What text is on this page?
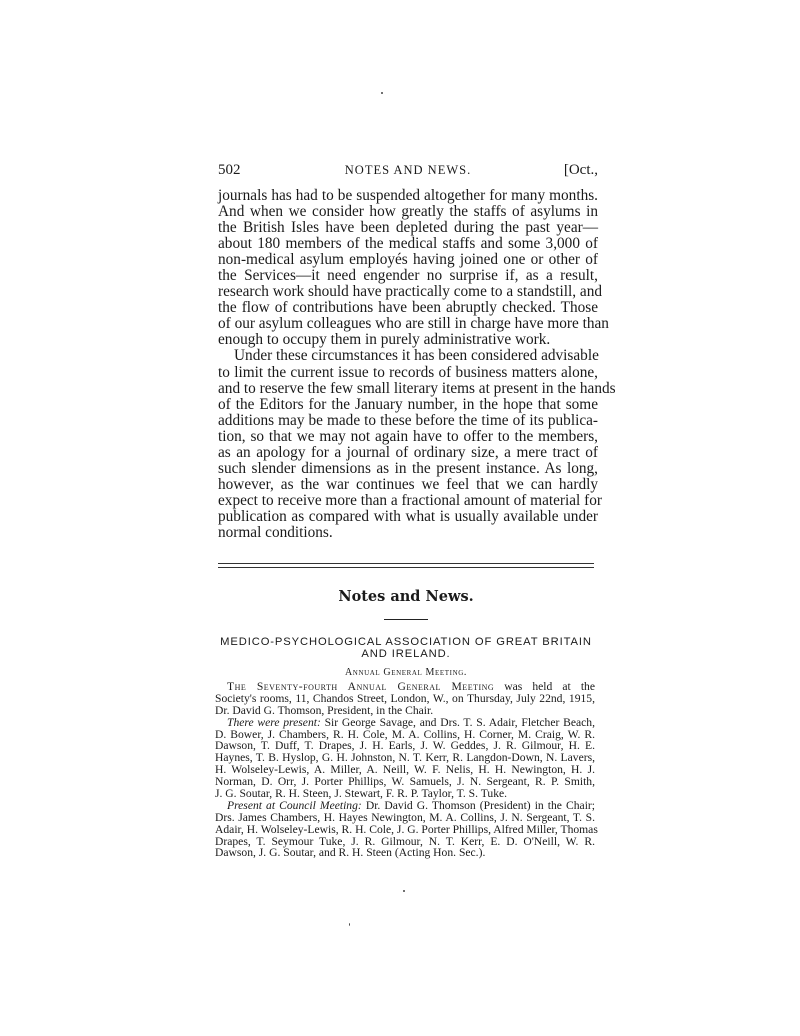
502	NOTES AND NEWS.	[Oct.,
journals has had to be suspended altogether for many months.
And when we consider how greatly the staffs of asylums in
the British Isles have been depleted during the past year—
about 180 members of the medical staffs and some 3,000 of
non-medical asylum employés having joined one or other of
the Services—it need engender no surprise if, as a result,
research work should have practically come to a standstill, and
the flow of contributions have been abruptly checked. Those
of our asylum colleagues who are still in charge have more than
enough to occupy them in purely administrative work.
Under these circumstances it has been considered advisable
to limit the current issue to records of business matters alone,
and to reserve the few small literary items at present in the hands
of the Editors for the January number, in the hope that some
additions may be made to these before the time of its publica-
tion, so that we may not again have to offer to the members,
as an apology for a journal of ordinary size, a mere tract of
such slender dimensions as in the present instance. As long,
however, as the war continues we feel that we can hardly
expect to receive more than a fractional amount of material for
publication as compared with what is usually available under
normal conditions.
Notes and News.
MEDICO-PSYCHOLOGICAL ASSOCIATION OF GREAT BRITAIN
AND IRELAND.
Annual General Meeting.
The Seventy-fourth Annual General Meeting was held at the
Society's rooms, 11, Chandos Street, London, W., on Thursday, July 22nd, 1915,
Dr. David G. Thomson, President, in the Chair.
There were present: Sir George Savage, and Drs. T. S. Adair, Fletcher Beach,
D. Bower, J. Chambers, R. H. Cole, M. A. Collins, H. Corner, M. Craig, W. R.
Dawson, T. Duff, T. Drapes, J. H. Earls, J. W. Geddes, J. R. Gilmour, H. E.
Haynes, T. B. Hyslop, G. H. Johnston, N. T. Kerr, R. Langdon-Down, N. Lavers,
H. Wolseley-Lewis, A. Miller, A. Neill, W. F. Nelis, H. H. Newington, H. J.
Norman, D. Orr, J. Porter Phillips, W. Samuels, J. N. Sergeant, R. P. Smith,
J. G. Soutar, R. H. Steen, J. Stewart, F. R. P. Taylor, T. S. Tuke.
Present at Council Meeting: Dr. David G. Thomson (President) in the Chair;
Drs. James Chambers, H. Hayes Newington, M. A. Collins, J. N. Sergeant, T. S.
Adair, H. Wolseley-Lewis, R. H. Cole, J. G. Porter Phillips, Alfred Miller, Thomas
Drapes, T. Seymour Tuke, J. R. Gilmour, N. T. Kerr, E. D. O'Neill, W. R.
Dawson, J. G. Soutar, and R. H. Steen (Acting Hon. Sec.).
